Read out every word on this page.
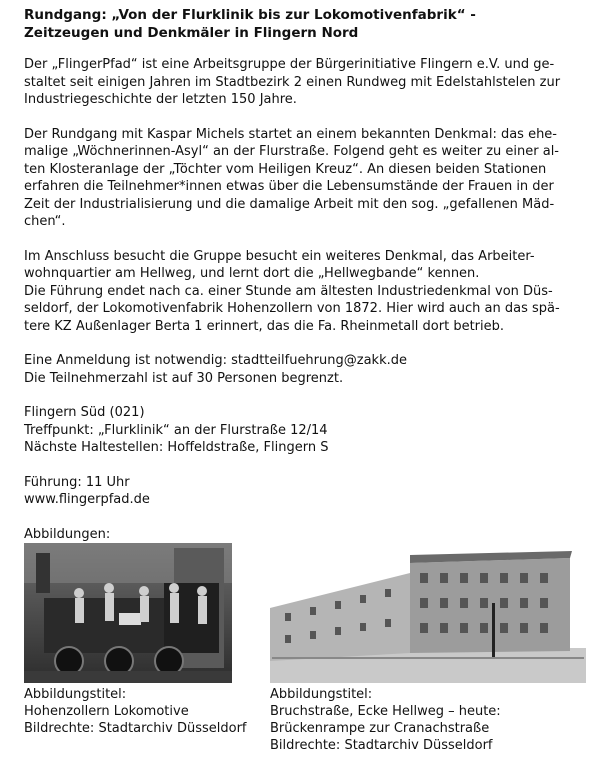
Rundgang: „Von der Flurklinik bis zur Lokomotivenfabrik“ -
Zeitzeugen und Denkmäler in Flingern Nord
Der „FlingerPfad“ ist eine Arbeitsgruppe der Bürgerinitiative Flingern e.V. und ge-
staltet seit einigen Jahren im Stadtbezirk 2 einen Rundweg mit Edelstahlstelen zur
Industriegeschichte der letzten 150 Jahre.
Der Rundgang mit Kaspar Michels startet an einem bekannten Denkmal: das ehe-
malige „Wöchnerinnen-Asyl“ an der Flurstraße. Folgend geht es weiter zu einer al-
ten Klosteranlage der „Töchter vom Heiligen Kreuz“. An diesen beiden Stationen
erfahren die Teilnehmer*innen etwas über die Lebensumstände der Frauen in der
Zeit der Industrialisierung und die damalige Arbeit mit den sog. „gefallenen Mäd-
chen“.
Im Anschluss besucht die Gruppe besucht ein weiteres Denkmal, das Arbeiter-
wohnquartier am Hellweg, und lernt dort die „Hellwegbande“ kennen.
Die Führung endet nach ca. einer Stunde am ältesten Industriedenkmal von Düs-
seldorf, der Lokomotivenfabrik Hohenzollern von 1872. Hier wird auch an das spä-
tere KZ Außenlager Berta 1 erinnert, das die Fa. Rheinmetall dort betrieb.
Eine Anmeldung ist notwendig: stadtteilfuehrung@zakk.de
Die Teilnehmerzahl ist auf 30 Personen begrenzt.
Flingern Süd (021)
Treffpunkt: „Flurklinik“ an der Flurstraße 12/14
Nächste Haltestellen: Hoffeldstraße, Flingern S
Führung: 11 Uhr
www.flingerpfad.de
Abbildungen:
Abbildungstitel:
Hohenzollern Lokomotive
Bildrechte: Stadtarchiv Düsseldorf
Abbildungstitel:
Bruchstraße, Ecke Hellweg – heute:
Brückenrampe zur Cranachstraße
Bildrechte: Stadtarchiv Düsseldorf
